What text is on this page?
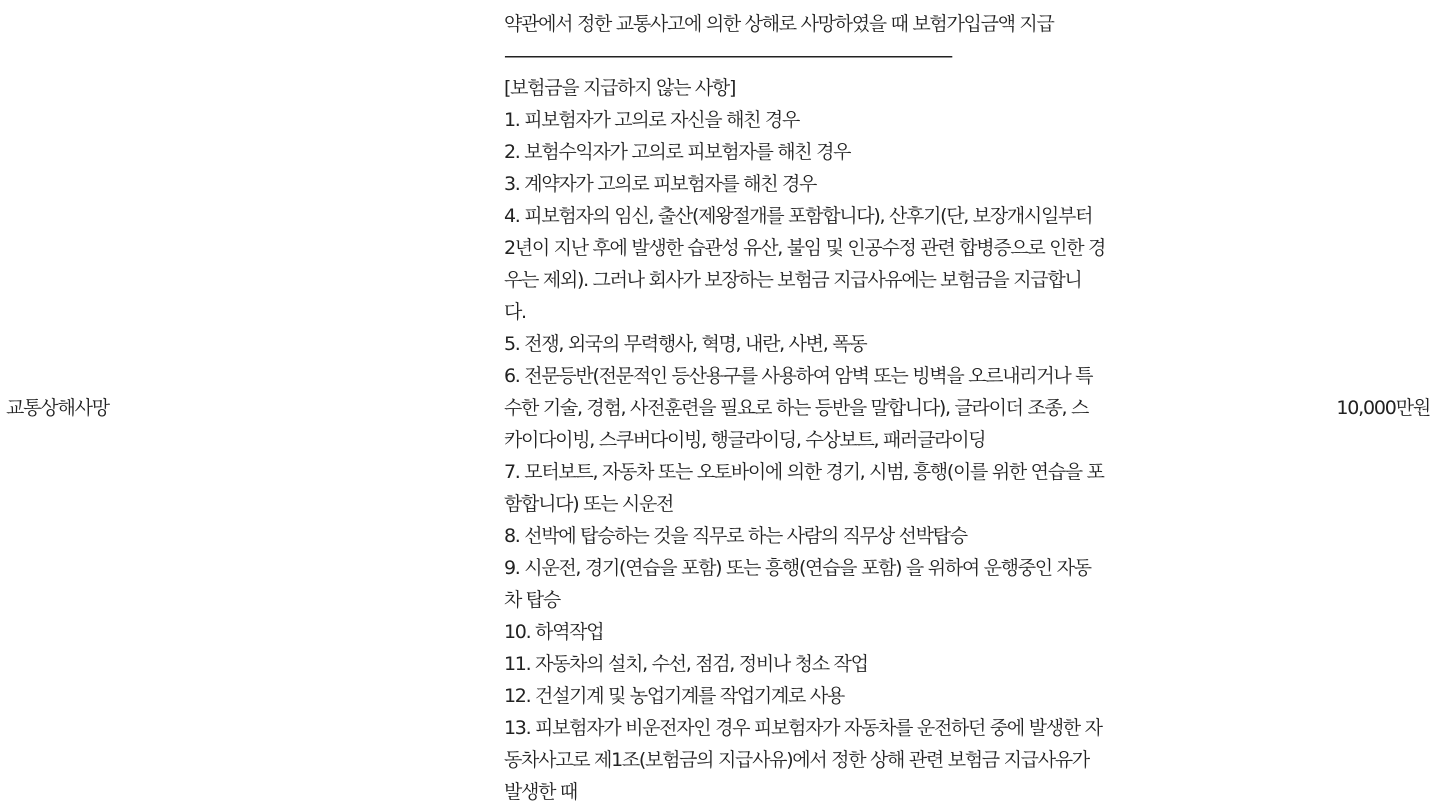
교통상해사망
약관에서 정한 교통사고에 의한 상해로 사망하였을 때 보험가입금액 지급
--------------------------------------------------------------------------------------------------------------------------
[보험금을 지급하지 않는 사항]
1. 피보험자가 고의로 자신을 해친 경우
2. 보험수익자가 고의로 피보험자를 해친 경우
3. 계약자가 고의로 피보험자를 해친 경우
4. 피보험자의 임신, 출산(제왕절개를 포함합니다), 산후기(단, 보장개시일부터
2년이 지난 후에 발생한 습관성 유산, 불임 및 인공수정 관련 합병증으로 인한 경
우는 제외). 그러나 회사가 보장하는 보험금 지급사유에는 보험금을 지급합니
다.
5. 전쟁, 외국의 무력행사, 혁명, 내란, 사변, 폭동
6. 전문등반(전문적인 등산용구를 사용하여 암벽 또는 빙벽을 오르내리거나 특
수한 기술, 경험, 사전훈련을 필요로 하는 등반을 말합니다), 글라이더 조종, 스
카이다이빙, 스쿠버다이빙, 행글라이딩, 수상보트, 패러글라이딩
7. 모터보트, 자동차 또는 오토바이에 의한 경기, 시범, 흥행(이를 위한 연습을 포
함합니다) 또는 시운전
8. 선박에 탑승하는 것을 직무로 하는 사람의 직무상 선박탑승
9. 시운전, 경기(연습을 포함) 또는 흥행(연습을 포함) 을 위하여 운행중인 자동
차 탑승
10. 하역작업
11. 자동차의 설치, 수선, 점검, 정비나 청소 작업
12. 건설기계 및 농업기계를 작업기계로 사용
13. 피보험자가 비운전자인 경우 피보험자가 자동차를 운전하던 중에 발생한 자
동차사고로 제1조(보험금의 지급사유)에서 정한 상해 관련 보험금 지급사유가
발생한 때
10,000만원
